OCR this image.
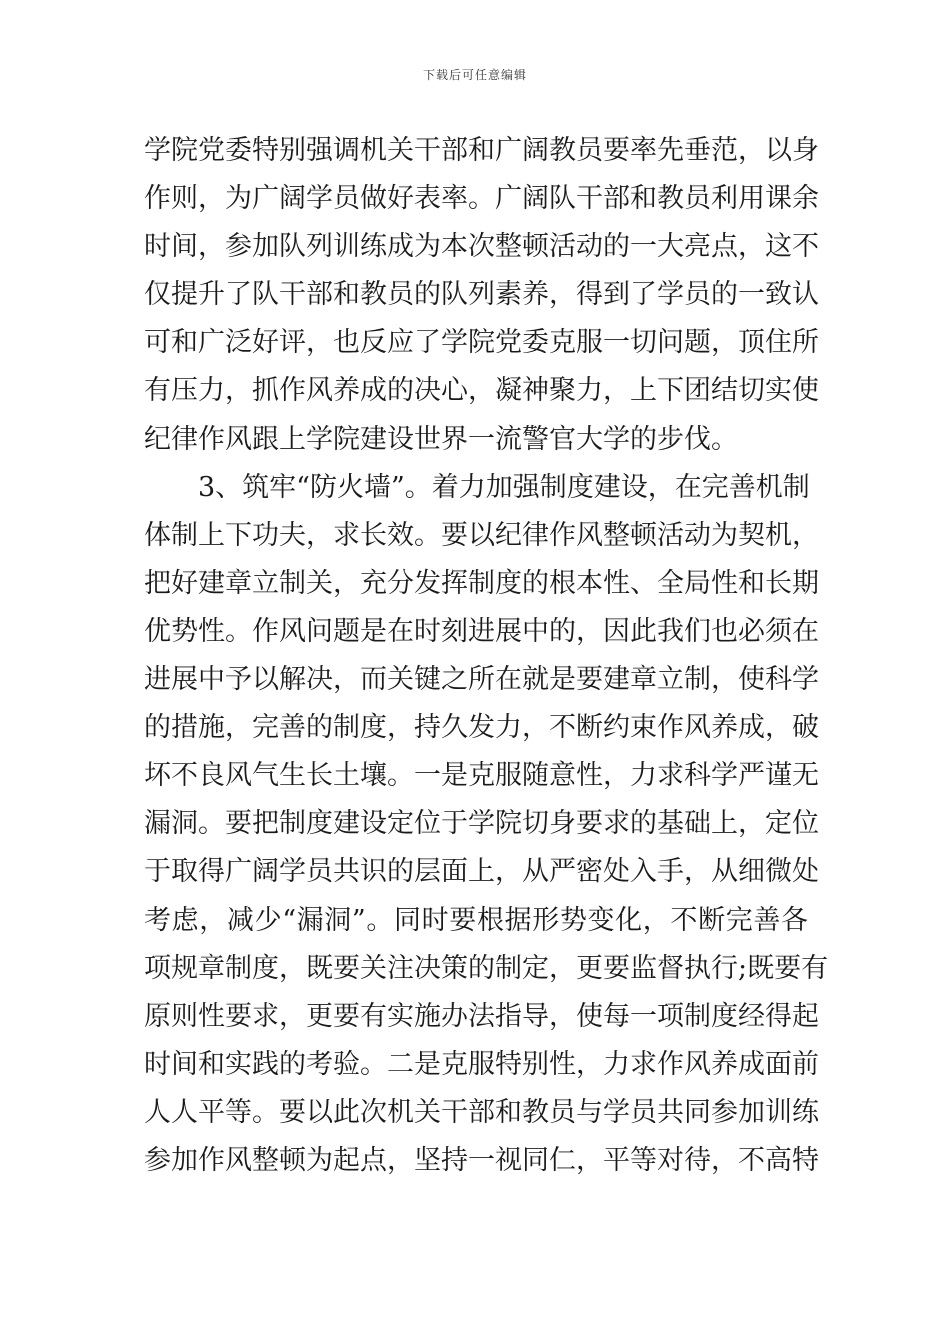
下载后可任意编辑
学院党委特别强调机关干部和广阔教员要率先垂范，以身
作则，为广阔学员做好表率。广阔队干部和教员利用课余
时间，参加队列训练成为本次整顿活动的一大亮点，这不
仅提升了队干部和教员的队列素养，得到了学员的一致认
可和广泛好评，也反应了学院党委克服一切问题，顶住所
有压力，抓作风养成的决心，凝神聚力，上下团结切实使
纪律作风跟上学院建设世界一流警官大学的步伐。
　　3、筑牢“防火墙”。着力加强制度建设，在完善机制
体制上下功夫，求长效。要以纪律作风整顿活动为契机，
把好建章立制关，充分发挥制度的根本性、全局性和长期
优势性。作风问题是在时刻进展中的，因此我们也必须在
进展中予以解决，而关键之所在就是要建章立制，使科学
的措施，完善的制度，持久发力，不断约束作风养成，破
坏不良风气生长土壤。一是克服随意性，力求科学严谨无
漏洞。要把制度建设定位于学院切身要求的基础上，定位
于取得广阔学员共识的层面上，从严密处入手，从细微处
考虑，减少“漏洞”。同时要根据形势变化，不断完善各
项规章制度，既要关注决策的制定，更要监督执行;既要有
原则性要求，更要有实施办法指导，使每一项制度经得起
时间和实践的考验。二是克服特别性，力求作风养成面前
人人平等。要以此次机关干部和教员与学员共同参加训练
参加作风整顿为起点，坚持一视同仁，平等对待，不高特
